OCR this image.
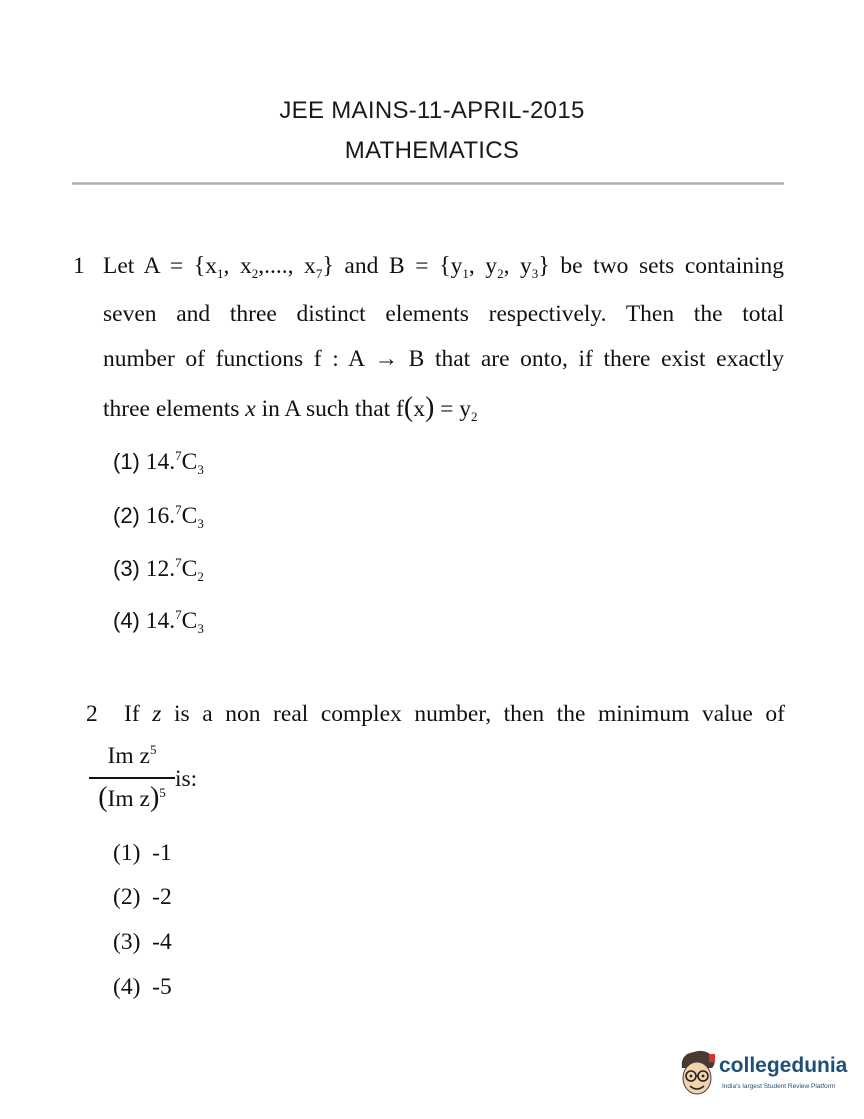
JEE MAINS-11-APRIL-2015
MATHEMATICS
1 Let $A = \{x_1$, $x_2$,...., $x_7$} and $B = \{y_1$, $y_2$, $y_3$} be two sets containing
seven and three distinct elements respectively. Then the total
number of functions f : A → B that are onto, if there exist exactly
three elements x in A such that $f(x) = y_2$
(1) $14.^7C_3$
(2) $16.^7C_3$
(3) $12.^7C_2$
(4) $14.^7C_3$
2 If z is a non real complex number, then the minimum value of
Im $z^5$
(Im z)$^5$ is:
(1) -1
(2) -2
(3) -4
(4) -5
collegedunia
India's largest Student Review Platform
